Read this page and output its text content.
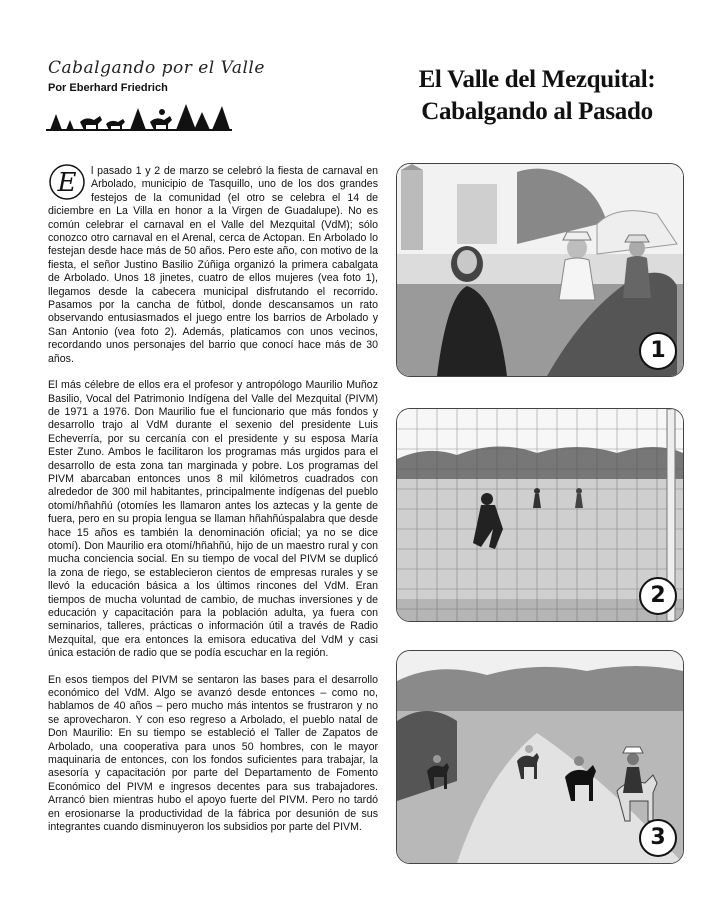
Cabalgando por el Valle
Por Eberhard Friedrich	El Valle del Mezquital:
Cabalgando al Pasado

E l pasado 1 y 2 de marzo se celebró la fiesta de carnaval en Arbolado, municipio de Tasquillo, uno de los dos grandes festejos de la comunidad (el otro se celebra el 14 de diciembre en La Villa en honor a la Virgen de Guadalupe). No es común celebrar el carnaval en el Valle del Mezquital (VdM); sólo conozco otro carnaval en el Arenal, cerca de Actopan. En Arbolado lo festejan desde hace más de 50 años. Pero este año, con motivo de la fiesta, el señor Justino Basilio Zúñiga organizó la primera cabalgata de Arbolado. Unos 18 jinetes, cuatro de ellos mujeres (vea foto 1), llegamos desde la cabecera municipal disfrutando el recorrido. Pasamos por la cancha de fútbol, donde descansamos un rato observando entusiasmados el juego entre los barrios de Arbolado y San Antonio (vea foto 2). Además, platicamos con unos vecinos, recordando unos personajes del barrio que conocí hace más de 30 años.

El más célebre de ellos era el profesor y antropólogo Maurilio Muñoz Basilio, Vocal del Patrimonio Indígena del Valle del Mezquital (PIVM) de 1971 a 1976. Don Maurilio fue el funcionario que más fondos y desarrollo trajo al VdM durante el sexenio del presidente Luis Echeverría, por su cercanía con el presidente y su esposa María Ester Zuno. Ambos le facilitaron los programas más urgidos para el desarrollo de esta zona tan marginada y pobre. Los programas del PIVM abarcaban entonces unos 8 mil kilómetros cuadrados con alrededor de 300 mil habitantes, principalmente indígenas del pueblo otomí/hñahñú (otomíes les llamaron antes los aztecas y la gente de fuera, pero en su propia lengua se llaman hñahñúspalabra que desde hace 15 años es también la denominación oficial; ya no se dice otomí). Don Maurilio era otomí/hñahñú, hijo de un maestro rural y con mucha conciencia social. En su tiempo de vocal del PIVM se duplicó la zona de riego, se establecieron cientos de empresas rurales y se llevó la educación básica a los últimos rincones del VdM. Eran tiempos de mucha voluntad de cambio, de muchas inversiones y de educación y capacitación para la población adulta, ya fuera con seminarios, talleres, prácticas o información útil a través de Radio Mezquital, que era entonces la emisora educativa del VdM y casi única estación de radio que se podía escuchar en la región.

En esos tiempos del PIVM se sentaron las bases para el desarrollo económico del VdM. Algo se avanzó desde entonces – como no, hablamos de 40 años – pero mucho más intentos se frustraron y no se aprovecharon. Y con eso regreso a Arbolado, el pueblo natal de Don Maurilio: En su tiempo se estableció el Taller de Zapatos de Arbolado, una cooperativa para unos 50 hombres, con le mayor maquinaria de entonces, con los fondos suficientes para trabajar, la asesoría y capacitación por parte del Departamento de Fomento Económico del PIVM e ingresos decentes para sus trabajadores. Arrancó bien mientras hubo el apoyo fuerte del PIVM. Pero no tardó en erosionarse la productividad de la fábrica por desunión de sus integrantes cuando disminuyeron los subsidios por parte del PIVM.

1
2
3
